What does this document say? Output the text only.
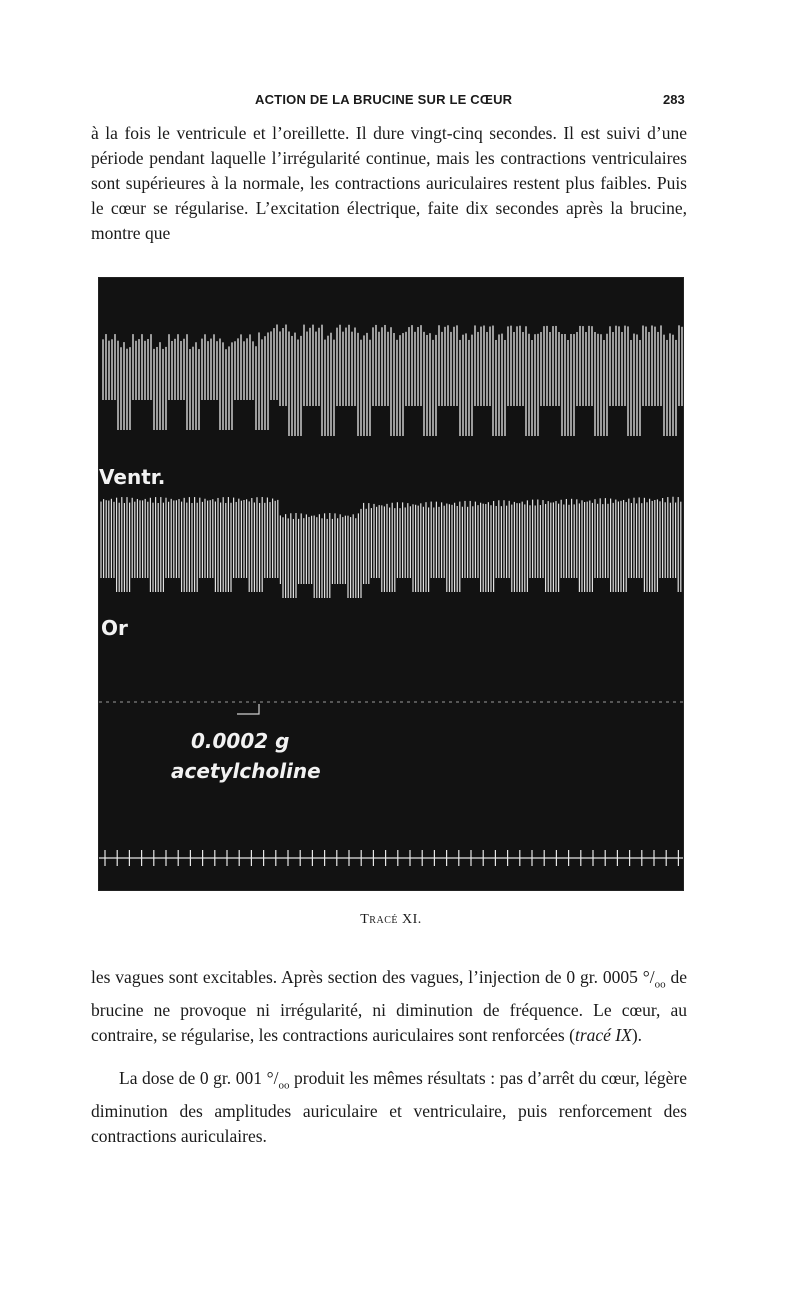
ACTION DE LA BRUCINE SUR LE CŒUR	283

à la fois le ventricule et l’oreillette. Il dure vingt-cinq secondes. Il est suivi d’une période pendant laquelle l’irrégularité continue, mais les contractions ventriculaires sont supérieures à la normale, les contractions auriculaires restent plus faibles. Puis le cœur se régularise. L’excitation électrique, faite dix secondes après la brucine, montre que

Ventr.
Or
0.0002 g
acetylcholine
Tracé XI.

les vagues sont excitables. Après section des vagues, l’injection de 0 gr. 0005 $^\circ/_{oo}$ de brucine ne provoque ni irrégularité, ni diminution de fréquence. Le cœur, au contraire, se régularise, les contractions auriculaires sont renforcées (tracé IX).

La dose de 0 gr. 001 $^\circ/_{oo}$ produit les mêmes résultats : pas d’arrêt du cœur, légère diminution des amplitudes auriculaire et ventriculaire, puis renforcement des contractions auriculaires.
